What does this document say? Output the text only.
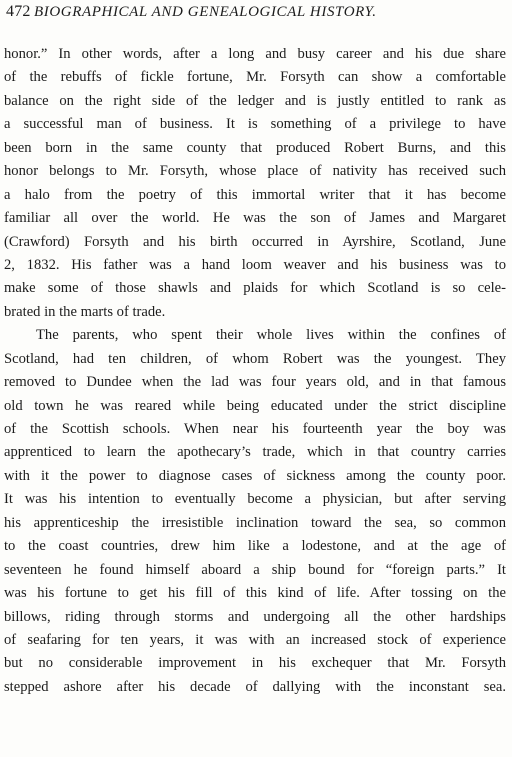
472 BIOGRAPHICAL AND GENEALOGICAL HISTORY.
honor.” In other words, after a long and busy career and his due share
of the rebuffs of fickle fortune, Mr. Forsyth can show a comfortable
balance on the right side of the ledger and is justly entitled to rank as
a successful man of business. It is something of a privilege to have
been born in the same county that produced Robert Burns, and this
honor belongs to Mr. Forsyth, whose place of nativity has received such
a halo from the poetry of this immortal writer that it has become
familiar all over the world. He was the son of James and Margaret
(Crawford) Forsyth and his birth occurred in Ayrshire, Scotland, June
2, 1832. His father was a hand loom weaver and his business was to
make some of those shawls and plaids for which Scotland is so cele-
brated in the marts of trade.
The parents, who spent their whole lives within the confines of
Scotland, had ten children, of whom Robert was the youngest. They
removed to Dundee when the lad was four years old, and in that famous
old town he was reared while being educated under the strict discipline
of the Scottish schools. When near his fourteenth year the boy was
apprenticed to learn the apothecary’s trade, which in that country carries
with it the power to diagnose cases of sickness among the county poor.
It was his intention to eventually become a physician, but after serving
his apprenticeship the irresistible inclination toward the sea, so common
to the coast countries, drew him like a lodestone, and at the age of
seventeen he found himself aboard a ship bound for “foreign parts.” It
was his fortune to get his fill of this kind of life. After tossing on the
billows, riding through storms and undergoing all the other hardships
of seafaring for ten years, it was with an increased stock of experience
but no considerable improvement in his exchequer that Mr. Forsyth
stepped ashore after his decade of dallying with the inconstant sea.
